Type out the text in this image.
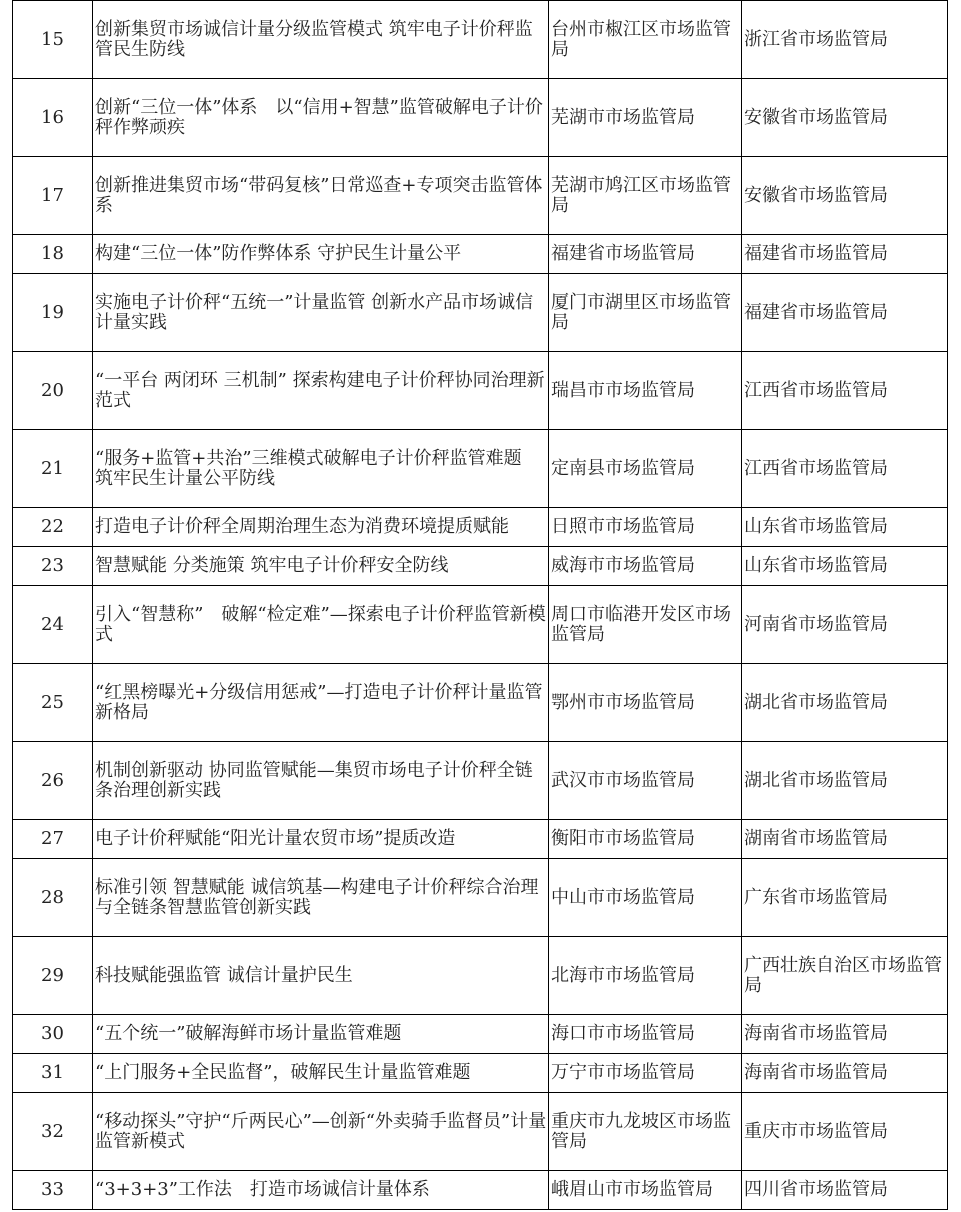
15	创新集贸市场诚信计量分级监管模式 筑牢电子计价秤监管民生防线	台州市椒江区市场监管局	浙江省市场监管局
16	创新“三位一体”体系　以“信用+智慧”监管破解电子计价秤作弊顽疾	芜湖市市场监管局	安徽省市场监管局
17	创新推进集贸市场“带码复核”日常巡查+专项突击监管体系	芜湖市鸠江区市场监管局	安徽省市场监管局
18	构建“三位一体”防作弊体系 守护民生计量公平	福建省市场监管局	福建省市场监管局
19	实施电子计价秤“五统一”计量监管 创新水产品市场诚信计量实践	厦门市湖里区市场监管局	福建省市场监管局
20	“一平台 两闭环 三机制” 探索构建电子计价秤协同治理新范式	瑞昌市市场监管局	江西省市场监管局
21	“服务+监管+共治”三维模式破解电子计价秤监管难题　筑牢民生计量公平防线	定南县市场监管局	江西省市场监管局
22	打造电子计价秤全周期治理生态为消费环境提质赋能	日照市市场监管局	山东省市场监管局
23	智慧赋能 分类施策 筑牢电子计价秤安全防线	威海市市场监管局	山东省市场监管局
24	引入“智慧称”　破解“检定难”—探索电子计价秤监管新模式	周口市临港开发区市场监管局	河南省市场监管局
25	“红黑榜曝光+分级信用惩戒”—打造电子计价秤计量监管新格局	鄂州市市场监管局	湖北省市场监管局
26	机制创新驱动 协同监管赋能—集贸市场电子计价秤全链条治理创新实践	武汉市市场监管局	湖北省市场监管局
27	电子计价秤赋能“阳光计量农贸市场”提质改造	衡阳市市场监管局	湖南省市场监管局
28	标准引领 智慧赋能 诚信筑基—构建电子计价秤综合治理与全链条智慧监管创新实践	中山市市场监管局	广东省市场监管局
29	科技赋能强监管 诚信计量护民生	北海市市场监管局	广西壮族自治区市场监管局
30	“五个统一”破解海鲜市场计量监管难题	海口市市场监管局	海南省市场监管局
31	“上门服务+全民监督”，破解民生计量监管难题	万宁市市场监管局	海南省市场监管局
32	“移动探头”守护“斤两民心”—创新“外卖骑手监督员”计量监管新模式	重庆市九龙坡区市场监管局	重庆市市场监管局
33	“3+3+3”工作法　打造市场诚信计量体系	峨眉山市市场监管局	四川省市场监管局
